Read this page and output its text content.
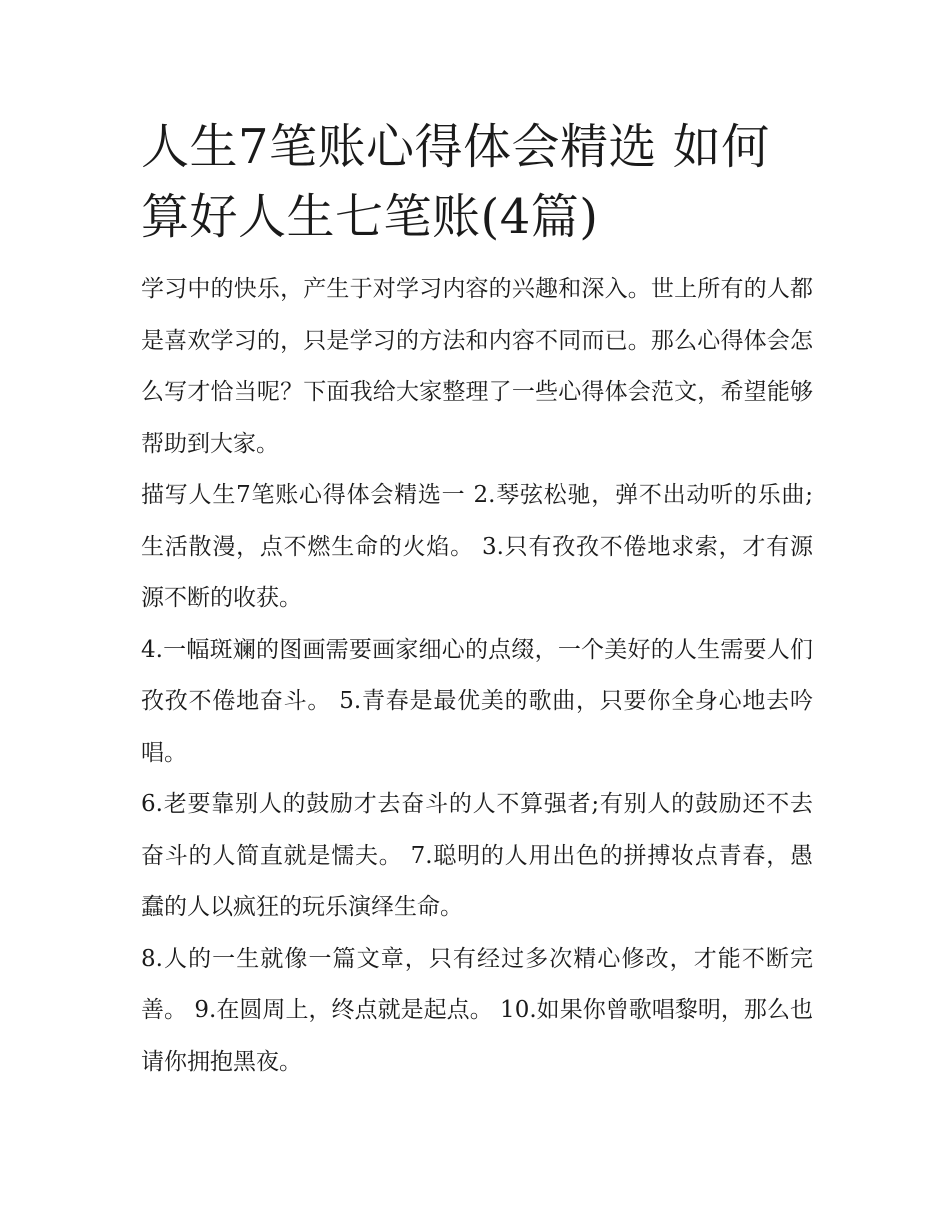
人生7笔账心得体会精选 如何算好人生七笔账(4篇)

学习中的快乐，产生于对学习内容的兴趣和深入。世上所有的人都是喜欢学习的，只是学习的方法和内容不同而已。那么心得体会怎么写才恰当呢？下面我给大家整理了一些心得体会范文，希望能够帮助到大家。

描写人生7笔账心得体会精选一 2.琴弦松驰，弹不出动听的乐曲;生活散漫，点不燃生命的火焰。 3.只有孜孜不倦地求索，才有源源不断的收获。

4.一幅斑斓的图画需要画家细心的点缀，一个美好的人生需要人们孜孜不倦地奋斗。 5.青春是最优美的歌曲，只要你全身心地去吟唱。

6.老要靠别人的鼓励才去奋斗的人不算强者;有别人的鼓励还不去奋斗的人简直就是懦夫。 7.聪明的人用出色的拼搏妆点青春，愚蠢的人以疯狂的玩乐演绎生命。

8.人的一生就像一篇文章，只有经过多次精心修改，才能不断完善。 9.在圆周上，终点就是起点。 10.如果你曾歌唱黎明，那么也请你拥抱黑夜。
